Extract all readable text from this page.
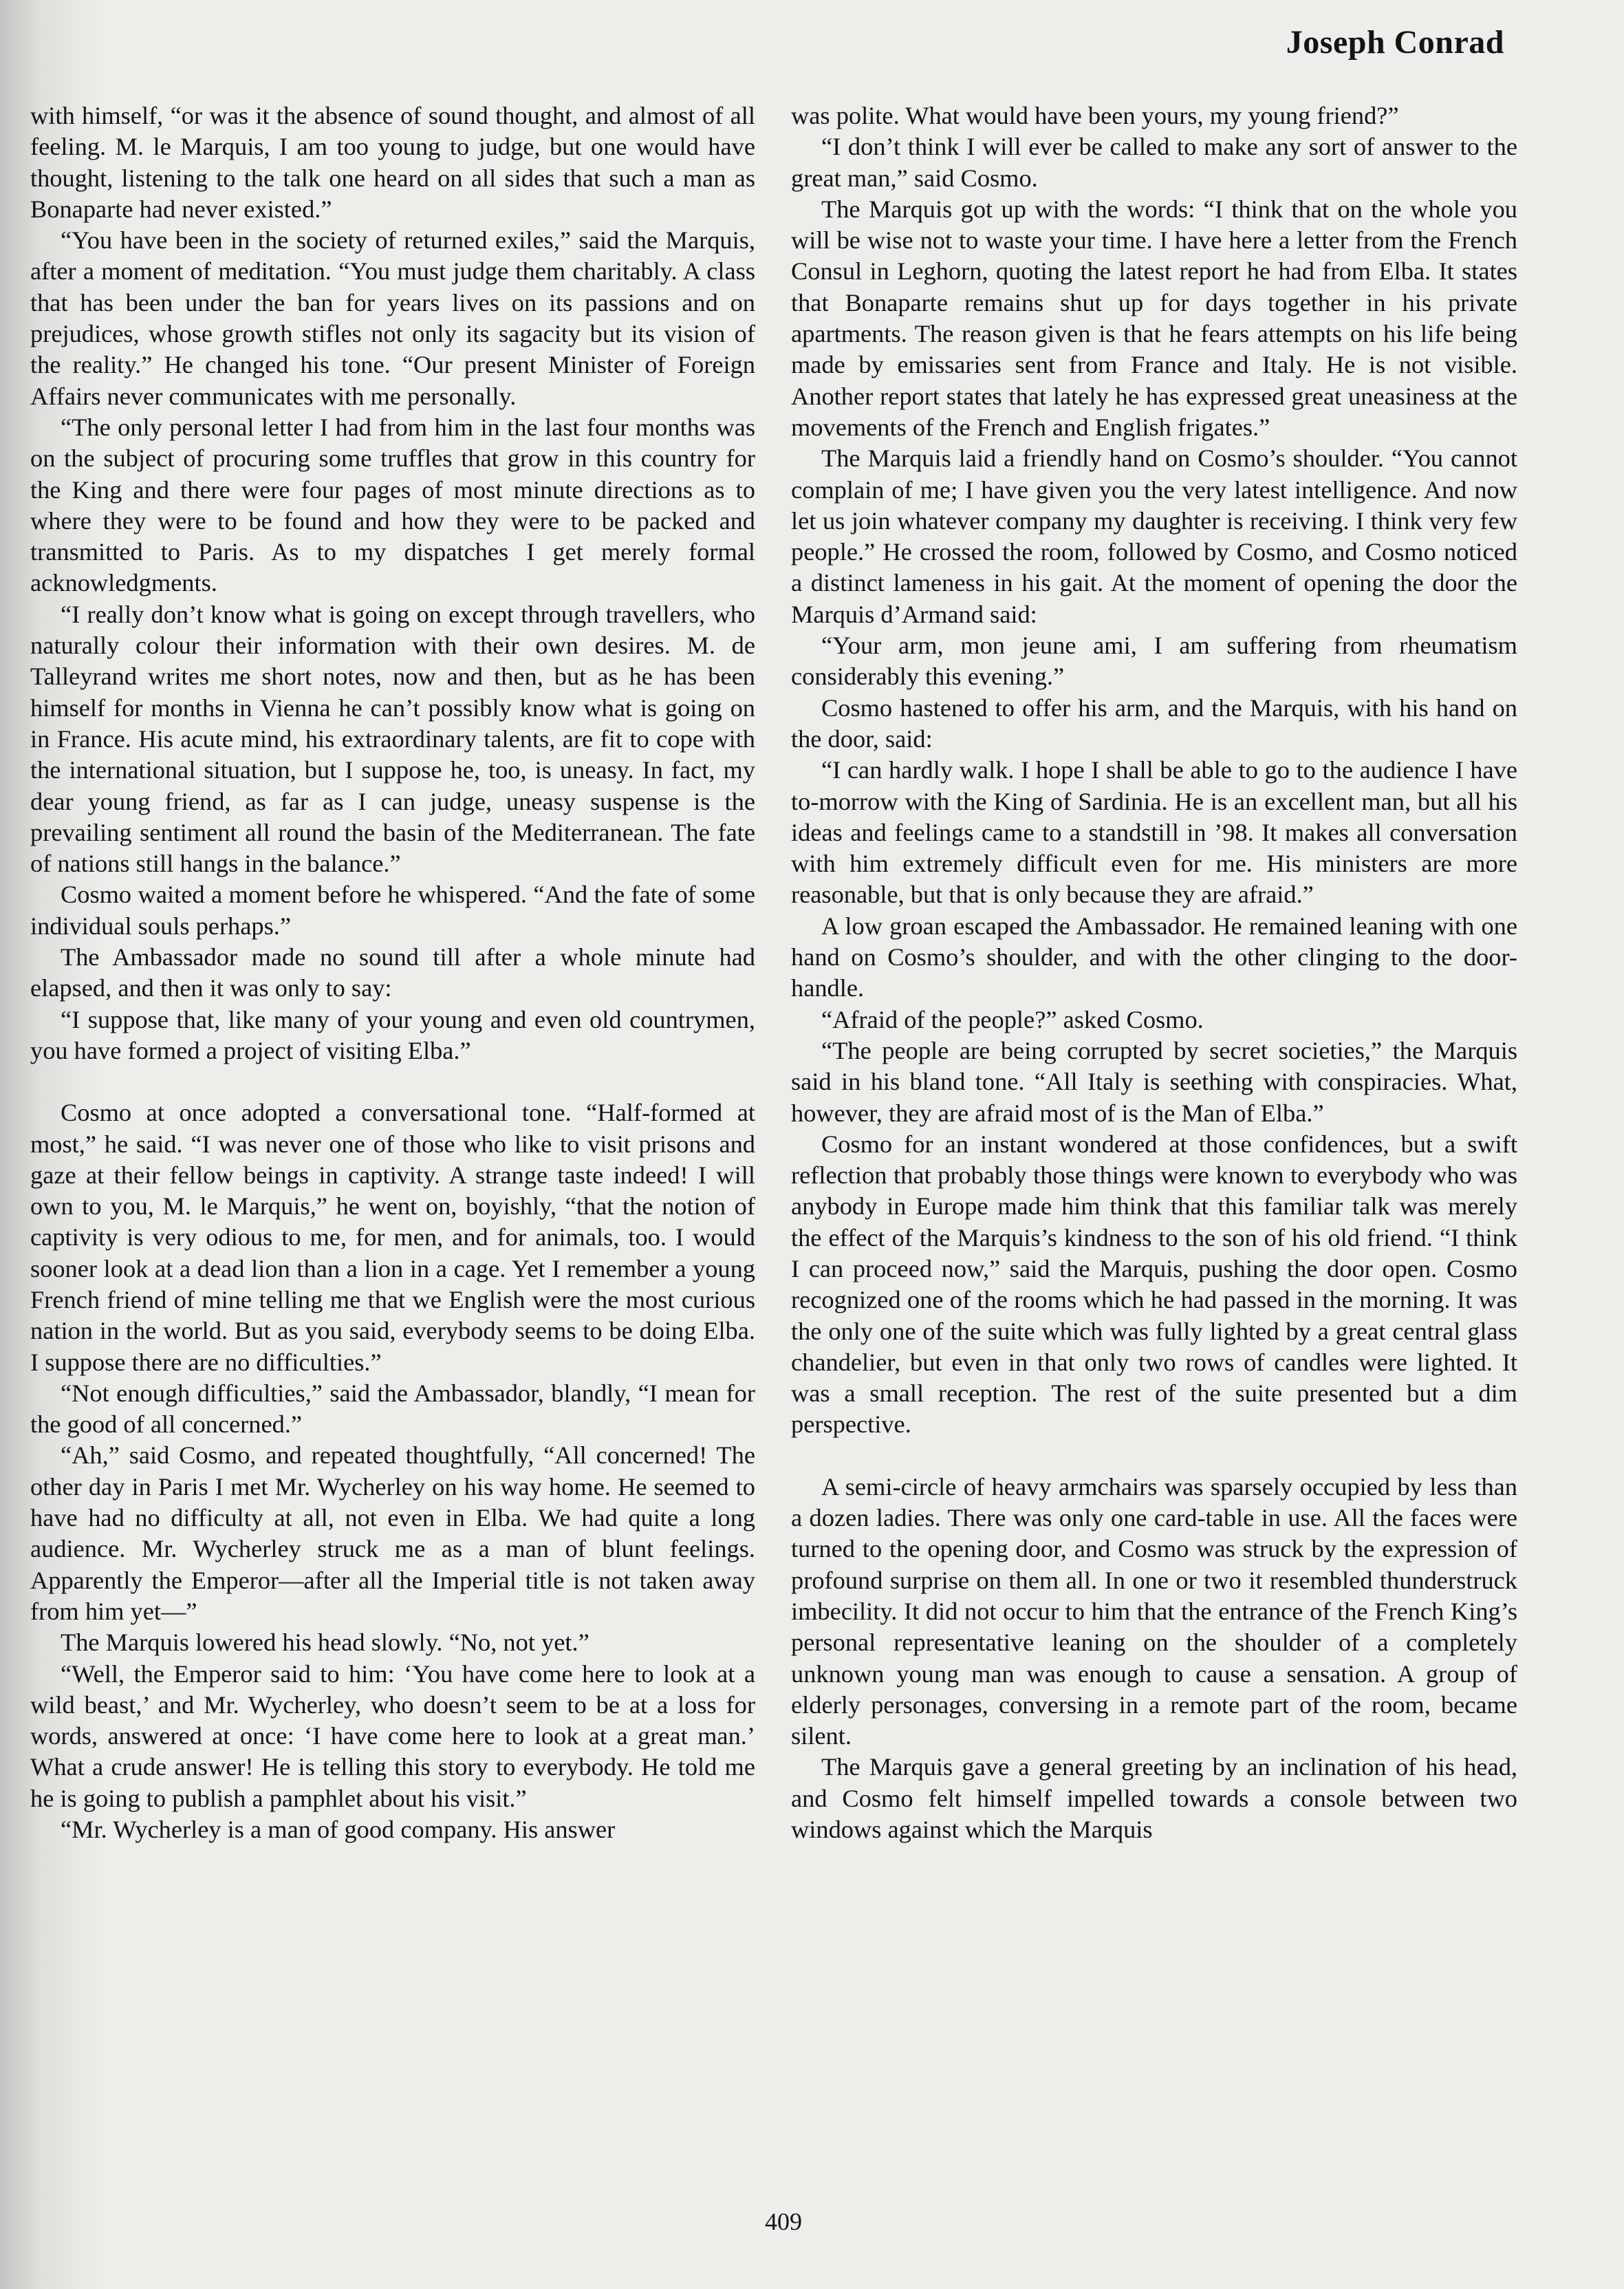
Joseph Conrad

with himself, “or was it the absence of sound thought, and almost of all feeling. M. le Marquis, I am too young to judge, but one would have thought, listening to the talk one heard on all sides that such a man as Bonaparte had never existed.”

“You have been in the society of returned exiles,” said the Marquis, after a moment of meditation. “You must judge them charitably. A class that has been under the ban for years lives on its passions and on prejudices, whose growth stifles not only its sagacity but its vision of the reality.” He changed his tone. “Our present Minister of Foreign Affairs never communicates with me personally.

“The only personal letter I had from him in the last four months was on the subject of procuring some truffles that grow in this country for the King and there were four pages of most minute directions as to where they were to be found and how they were to be packed and transmitted to Paris. As to my dispatches I get merely formal acknowledgments.

“I really don’t know what is going on except through travellers, who naturally colour their information with their own desires. M. de Talleyrand writes me short notes, now and then, but as he has been himself for months in Vienna he can’t possibly know what is going on in France. His acute mind, his extraordinary talents, are fit to cope with the international situation, but I suppose he, too, is uneasy. In fact, my dear young friend, as far as I can judge, uneasy suspense is the prevailing sentiment all round the basin of the Mediterranean. The fate of nations still hangs in the balance.”

Cosmo waited a moment before he whispered. “And the fate of some individual souls perhaps.”

The Ambassador made no sound till after a whole minute had elapsed, and then it was only to say:

“I suppose that, like many of your young and even old countrymen, you have formed a project of visiting Elba.”

Cosmo at once adopted a conversational tone. “Half-formed at most,” he said. “I was never one of those who like to visit prisons and gaze at their fellow beings in captivity. A strange taste indeed! I will own to you, M. le Marquis,” he went on, boyishly, “that the notion of captivity is very odious to me, for men, and for animals, too. I would sooner look at a dead lion than a lion in a cage. Yet I remember a young French friend of mine telling me that we English were the most curious nation in the world. But as you said, everybody seems to be doing Elba. I suppose there are no difficulties.”

“Not enough difficulties,” said the Ambassador, blandly, “I mean for the good of all concerned.”

“Ah,” said Cosmo, and repeated thoughtfully, “All concerned! The other day in Paris I met Mr. Wycherley on his way home. He seemed to have had no difficulty at all, not even in Elba. We had quite a long audience. Mr. Wycherley struck me as a man of blunt feelings. Apparently the Emperor—after all the Imperial title is not taken away from him yet—”

The Marquis lowered his head slowly. “No, not yet.”

“Well, the Emperor said to him: ‘You have come here to look at a wild beast,’ and Mr. Wycherley, who doesn’t seem to be at a loss for words, answered at once: ‘I have come here to look at a great man.’ What a crude answer! He is telling this story to everybody. He told me he is going to publish a pamphlet about his visit.”

“Mr. Wycherley is a man of good company. His answer

was polite. What would have been yours, my young friend?”

“I don’t think I will ever be called to make any sort of answer to the great man,” said Cosmo.

The Marquis got up with the words: “I think that on the whole you will be wise not to waste your time. I have here a letter from the French Consul in Leghorn, quoting the latest report he had from Elba. It states that Bonaparte remains shut up for days together in his private apartments. The reason given is that he fears attempts on his life being made by emissaries sent from France and Italy. He is not visible. Another report states that lately he has expressed great uneasiness at the movements of the French and English frigates.”

The Marquis laid a friendly hand on Cosmo’s shoulder. “You cannot complain of me; I have given you the very latest intelligence. And now let us join whatever company my daughter is receiving. I think very few people.” He crossed the room, followed by Cosmo, and Cosmo noticed a distinct lameness in his gait. At the moment of opening the door the Marquis d’Armand said:

“Your arm, mon jeune ami, I am suffering from rheumatism considerably this evening.”

Cosmo hastened to offer his arm, and the Marquis, with his hand on the door, said:

“I can hardly walk. I hope I shall be able to go to the audience I have to-morrow with the King of Sardinia. He is an excellent man, but all his ideas and feelings came to a standstill in ’98. It makes all conversation with him extremely difficult even for me. His ministers are more reasonable, but that is only because they are afraid.”

A low groan escaped the Ambassador. He remained leaning with one hand on Cosmo’s shoulder, and with the other clinging to the door-handle.

“Afraid of the people?” asked Cosmo.

“The people are being corrupted by secret societies,” the Marquis said in his bland tone. “All Italy is seething with conspiracies. What, however, they are afraid most of is the Man of Elba.”

Cosmo for an instant wondered at those confidences, but a swift reflection that probably those things were known to everybody who was anybody in Europe made him think that this familiar talk was merely the effect of the Marquis’s kindness to the son of his old friend. “I think I can proceed now,” said the Marquis, pushing the door open. Cosmo recognized one of the rooms which he had passed in the morning. It was the only one of the suite which was fully lighted by a great central glass chandelier, but even in that only two rows of candles were lighted. It was a small reception. The rest of the suite presented but a dim perspective.

A semi-circle of heavy armchairs was sparsely occupied by less than a dozen ladies. There was only one card-table in use. All the faces were turned to the opening door, and Cosmo was struck by the expression of profound surprise on them all. In one or two it resembled thunderstruck imbecility. It did not occur to him that the entrance of the French King’s personal representative leaning on the shoulder of a completely unknown young man was enough to cause a sensation. A group of elderly personages, conversing in a remote part of the room, became silent.

The Marquis gave a general greeting by an inclination of his head, and Cosmo felt himself impelled towards a console between two windows against which the Marquis

409
